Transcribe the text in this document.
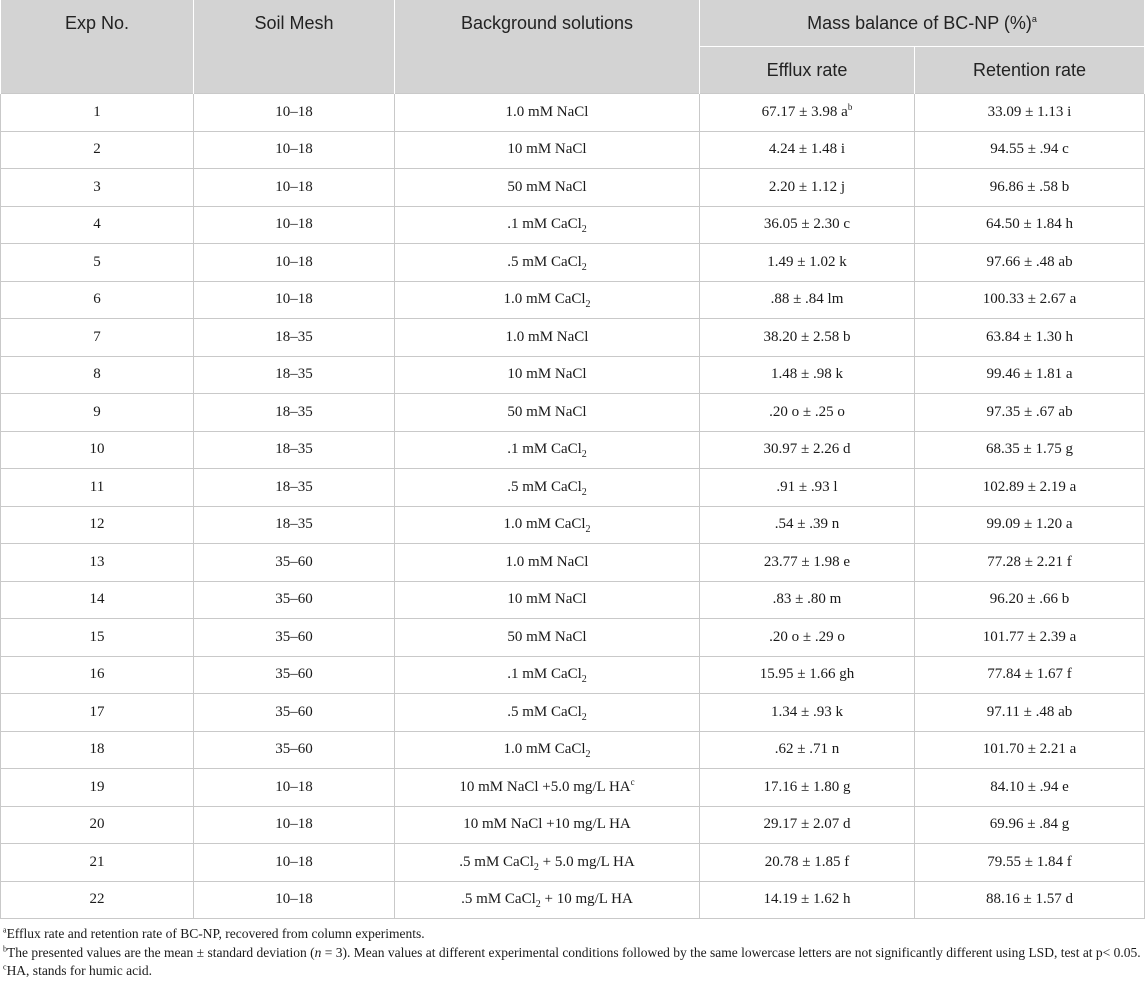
Exp No.	Soil Mesh	Background solutions	Mass balance of BC-NP (%)$^a$
			Efflux rate	Retention rate
1	10–18	1.0 mM NaCl	67.17 ± 3.98 $a^b$	33.09 ± 1.13 i
2	10–18	10 mM NaCl	4.24 ± 1.48 i	94.55 ± .94 c
3	10–18	50 mM NaCl	2.20 ± 1.12 j	96.86 ± .58 b
4	10–18	.1 mM CaCl$_2$	36.05 ± 2.30 c	64.50 ± 1.84 h
5	10–18	.5 mM CaCl$_2$	1.49 ± 1.02 k	97.66 ± .48 ab
6	10–18	1.0 mM CaCl$_2$	.88 ± .84 lm	100.33 ± 2.67 a
7	18–35	1.0 mM NaCl	38.20 ± 2.58 b	63.84 ± 1.30 h
8	18–35	10 mM NaCl	1.48 ± .98 k	99.46 ± 1.81 a
9	18–35	50 mM NaCl	.20 o ± .25 o	97.35 ± .67 ab
10	18–35	.1 mM CaCl$_2$	30.97 ± 2.26 d	68.35 ± 1.75 g
11	18–35	.5 mM CaCl$_2$	.91 ± .93 l	102.89 ± 2.19 a
12	18–35	1.0 mM CaCl$_2$	.54 ± .39 n	99.09 ± 1.20 a
13	35–60	1.0 mM NaCl	23.77 ± 1.98 e	77.28 ± 2.21 f
14	35–60	10 mM NaCl	.83 ± .80 m	96.20 ± .66 b
15	35–60	50 mM NaCl	.20 o ± .29 o	101.77 ± 2.39 a
16	35–60	.1 mM CaCl$_2$	15.95 ± 1.66 gh	77.84 ± 1.67 f
17	35–60	.5 mM CaCl$_2$	1.34 ± .93 k	97.11 ± .48 ab
18	35–60	1.0 mM CaCl$_2$	.62 ± .71 n	101.70 ± 2.21 a
19	10–18	10 mM NaCl +5.0 mg/L $HA^c$	17.16 ± 1.80 g	84.10 ± .94 e
20	10–18	10 mM NaCl +10 mg/L HA	29.17 ± 2.07 d	69.96 ± .84 g
21	10–18	.5 mM CaCl$_2$ + 5.0 mg/L HA	20.78 ± 1.85 f	79.55 ± 1.84 f
22	10–18	.5 mM CaCl$_2$ + 10 mg/L HA	14.19 ± 1.62 h	88.16 ± 1.57 d

$^a$Efflux rate and retention rate of BC-NP, recovered from column experiments.

$^b$The presented values are the mean ± standard deviation (n = 3). Mean values at different experimental conditions followed by the same lowercase letters are not significantly different using LSD, test at p< 0.05.

$^c$HA, stands for humic acid.
